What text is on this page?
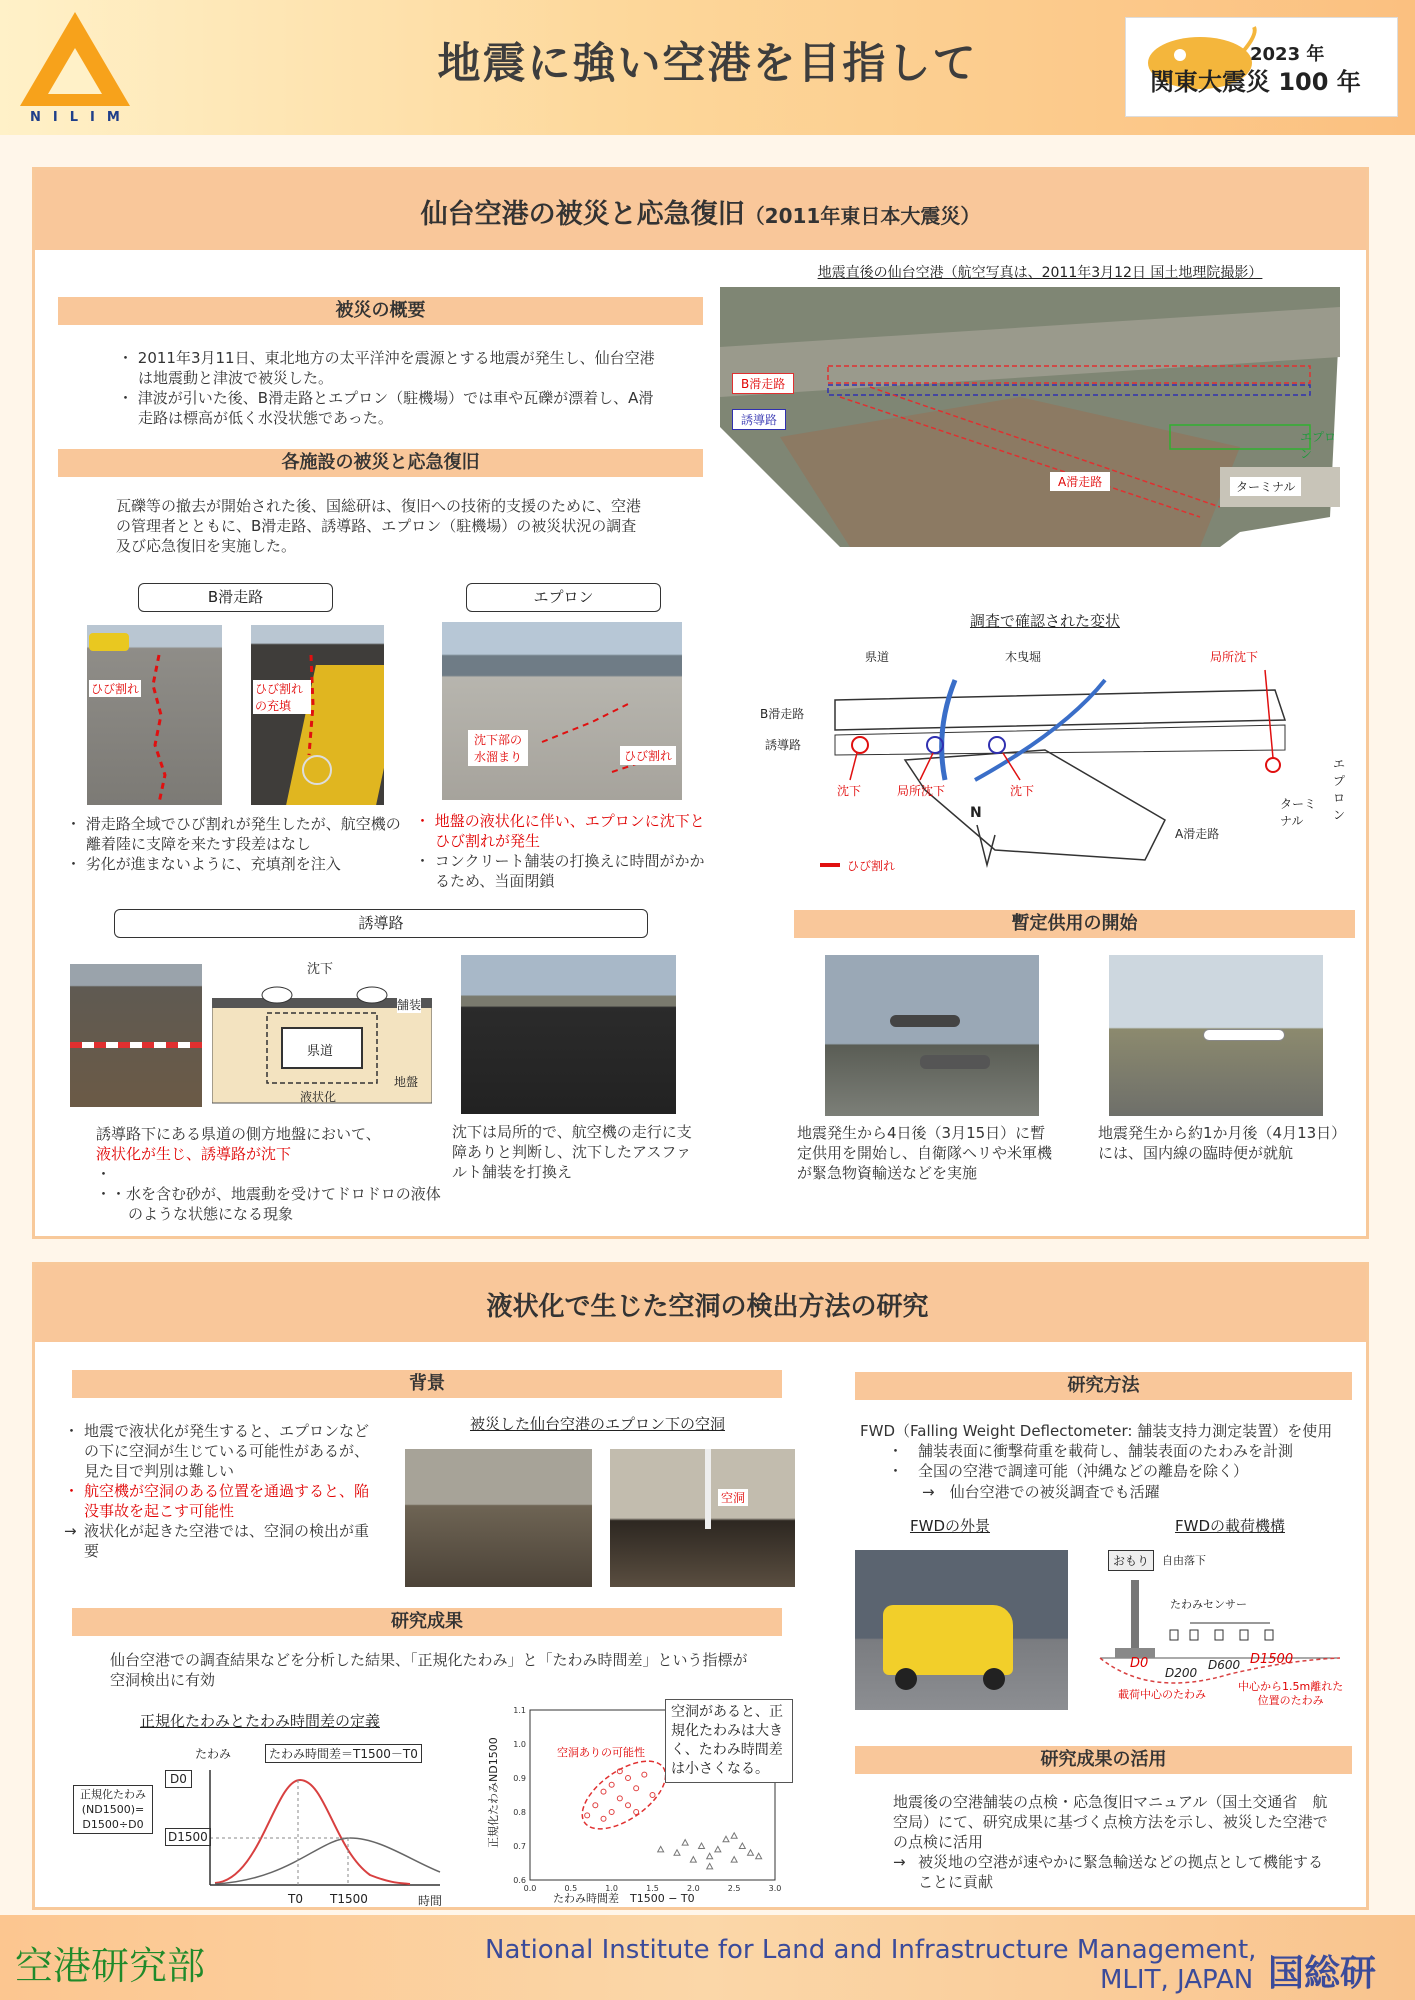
NILIM
地震に強い空港を目指して	2023 年
関東大震災 100 年
仙台空港の被災と応急復旧（2011年東日本大震災）
被災の概要
・ 2011年3月11日、東北地方の太平洋沖を震源とする地震が発生し、仙台空港は地震動と津波で被災した。
・ 津波が引いた後、B滑走路とエプロン（駐機場）では車や瓦礫が漂着し、A滑走路は標高が低く水没状態であった。
各施設の被災と応急復旧
瓦礫等の撤去が開始された後、国総研は、復旧への技術的支援のために、空港の管理者とともに、B滑走路、誘導路、エプロン（駐機場）の被災状況の調査及び応急復旧を実施した。
B滑走路	エプロン
ひび割れ	ひび割れの充填
沈下部の水溜まり	ひび割れ
・ 滑走路全域でひび割れが発生したが、航空機の離着陸に支障を来たす段差はなし
・ 劣化が進まないように、充填剤を注入
・ 地盤の液状化に伴い、エプロンに沈下とひび割れが発生
・ コンクリート舗装の打換えに時間がかかるため、当面閉鎖
地震直後の仙台空港（航空写真は、2011年3月12日 国土地理院撮影）
B滑走路
誘導路
エプロン
A滑走路	ターミナル
調査で確認された変状
県道	木曳堀	局所沈下
B滑走路
誘導路
沈下	局所沈下	沈下
エプロン
ターミナル
A滑走路
N
ひび割れ
誘導路
沈下
舗装
県道
地盤
液状化
誘導路下にある県道の側方地盤において、
液状化が生じ、誘導路が沈下
・
・・水を含む砂が、地震動を受けてドロドロの液体のような状態になる現象
沈下は局所的で、航空機の走行に支障ありと判断し、沈下したアスファルト舗装を打換え
暫定供用の開始
地震発生から4日後（3月15日）に暫定供用を開始し、自衛隊ヘリや米軍機が緊急物資輸送などを実施
地震発生から約1か月後（4月13日）には、国内線の臨時便が就航
液状化で生じた空洞の検出方法の研究
背景
・ 地震で液状化が発生すると、エプロンなどの下に空洞が生じている可能性があるが、見た目で判別は難しい
・ 航空機が空洞のある位置を通過すると、陥没事故を起こす可能性
→ 液状化が起きた空港では、空洞の検出が重要
被災した仙台空港のエプロン下の空洞
空洞
研究成果
仙台空港での調査結果などを分析した結果、「正規化たわみ」と「たわみ時間差」という指標が空洞検出に有効
正規化たわみとたわみ時間差の定義
たわみ	たわみ時間差＝T1500－T0
D0
D1500
正規化たわみ
(ND1500)=
D1500÷D0
T0 T1500	時間
0.0	0.5	1.0	1.5	2.0	2.5	3.0
0.6
0.7
0.8
0.9
1.0
1.1
正規化たわみND1500
たわみ時間差　T1500 − T0
空洞ありの可能性
空洞があると、正規化たわみは大きく、たわみ時間差は小さくなる。
研究方法
FWD（Falling Weight Deflectometer: 舗装支持力測定装置）を使用
・　舗装表面に衝撃荷重を載荷し、舗装表面のたわみを計測
・　全国の空港で調達可能（沖縄などの離島を除く）
→　仙台空港での被災調査でも活躍
FWDの外景	FWDの載荷機構
おもり	自由落下
たわみセンサー
D0
D200
D600 D1500
載荷中心のたわみ
中心から1.5m離れた
位置のたわみ
研究成果の活用
地震後の空港舗装の点検・応急復旧マニュアル（国土交通省　航空局）にて、研究成果に基づく点検方法を示し、被災した空港での点検に活用
→ 被災地の空港が速やかに緊急輸送などの拠点として機能することに貢献
空港研究部	National Institute for Land and Infrastructure Management,
MLIT, JAPAN 国総研
